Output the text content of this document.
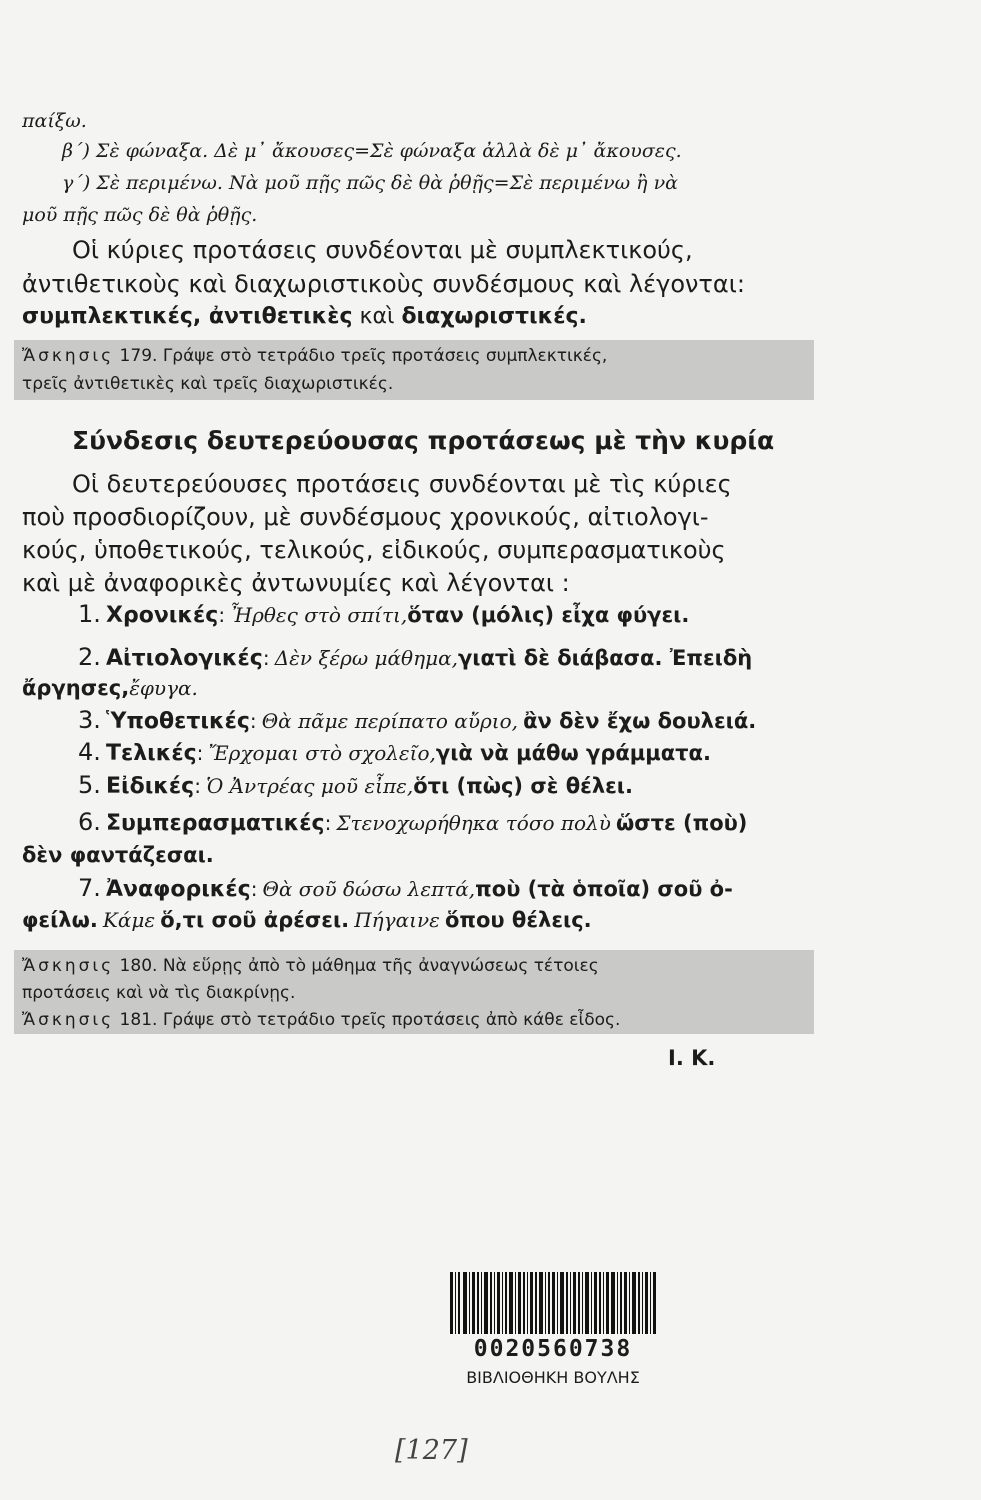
παίξω.
β΄) Σὲ φώναξα. Δὲ μ᾿ ἄκουσες=Σὲ φώναξα ἀλλὰ δὲ μ᾿ ἄκουσες.
γ΄) Σὲ περιμένω. Νὰ μοῦ πῇς πῶς δὲ θὰ ῥθῇς=Σὲ περιμένω ἢ νὰ
μοῦ πῇς πῶς δὲ θὰ ῥθῇς.
Οἱ κύριες προτάσεις συνδέονται μὲ συμπλεκτικούς,
ἀντιθετικοὺς καὶ διαχωριστικοὺς συνδέσμους καὶ λέγονται:
συμπλεκτικές, ἀντιθετικὲς καὶ διαχωριστικές.
Ἄσκησις 179. Γράψε στὸ τετράδιο τρεῖς προτάσεις συμπλεκτικές,
τρεῖς ἀντιθετικὲς καὶ τρεῖς διαχωριστικές.
Σύνδεσις δευτερεύουσας προτάσεως μὲ τὴν κυρία
Οἱ δευτερεύουσες προτάσεις συνδέονται μὲ τὶς κύριες
ποὺ προσδιορίζουν, μὲ συνδέσμους χρονικούς, αἰτιολογι-
κούς, ὑποθετικούς, τελικούς, εἰδικούς, συμπερασματικοὺς
καὶ μὲ ἀναφορικὲς ἀντωνυμίες καὶ λέγονται :
1. Χρονικές: Ἦρθες στὸ σπίτι,ὅταν (μόλις) εἶχα φύγει.
2. Αἰτιολογικές: Δὲν ξέρω μάθημα,γιατὶ δὲ διάβασα. Ἐπειδὴ
ἄργησες,ἔφυγα.
3. Ὑποθετικές: Θὰ πᾶμε περίπατο αὔριο, ἂν δὲν ἔχω δουλειά.
4. Τελικές: Ἔρχομαι στὸ σχολεῖο,γιὰ νὰ μάθω γράμματα.
5. Εἰδικές: Ὁ Ἀντρέας μοῦ εἶπε,ὅτι (πὼς) σὲ θέλει.
6. Συμπερασματικές: Στενοχωρήθηκα τόσο πολὺ ὥστε (ποὺ)
δὲν φαντάζεσαι.
7. Ἀναφορικές: Θὰ σοῦ δώσω λεπτά,ποὺ (τὰ ὁποῖα) σοῦ ὀ-
φείλω. Κάμε ὅ,τι σοῦ ἀρέσει. Πήγαινε ὅπου θέλεις.
Ἄσκησις 180. Νὰ εὕρῃς ἀπὸ τὸ μάθημα τῆς ἀναγνώσεως τέτοιες
προτάσεις καὶ νὰ τὶς διακρίνῃς.
Ἄσκησις 181. Γράψε στὸ τετράδιο τρεῖς προτάσεις ἀπὸ κάθε εἶδος.
Ι. Κ.
0020560738
ΒΙΒΛΙΟΘΗΚΗ ΒΟΥΛΗΣ
[127]
